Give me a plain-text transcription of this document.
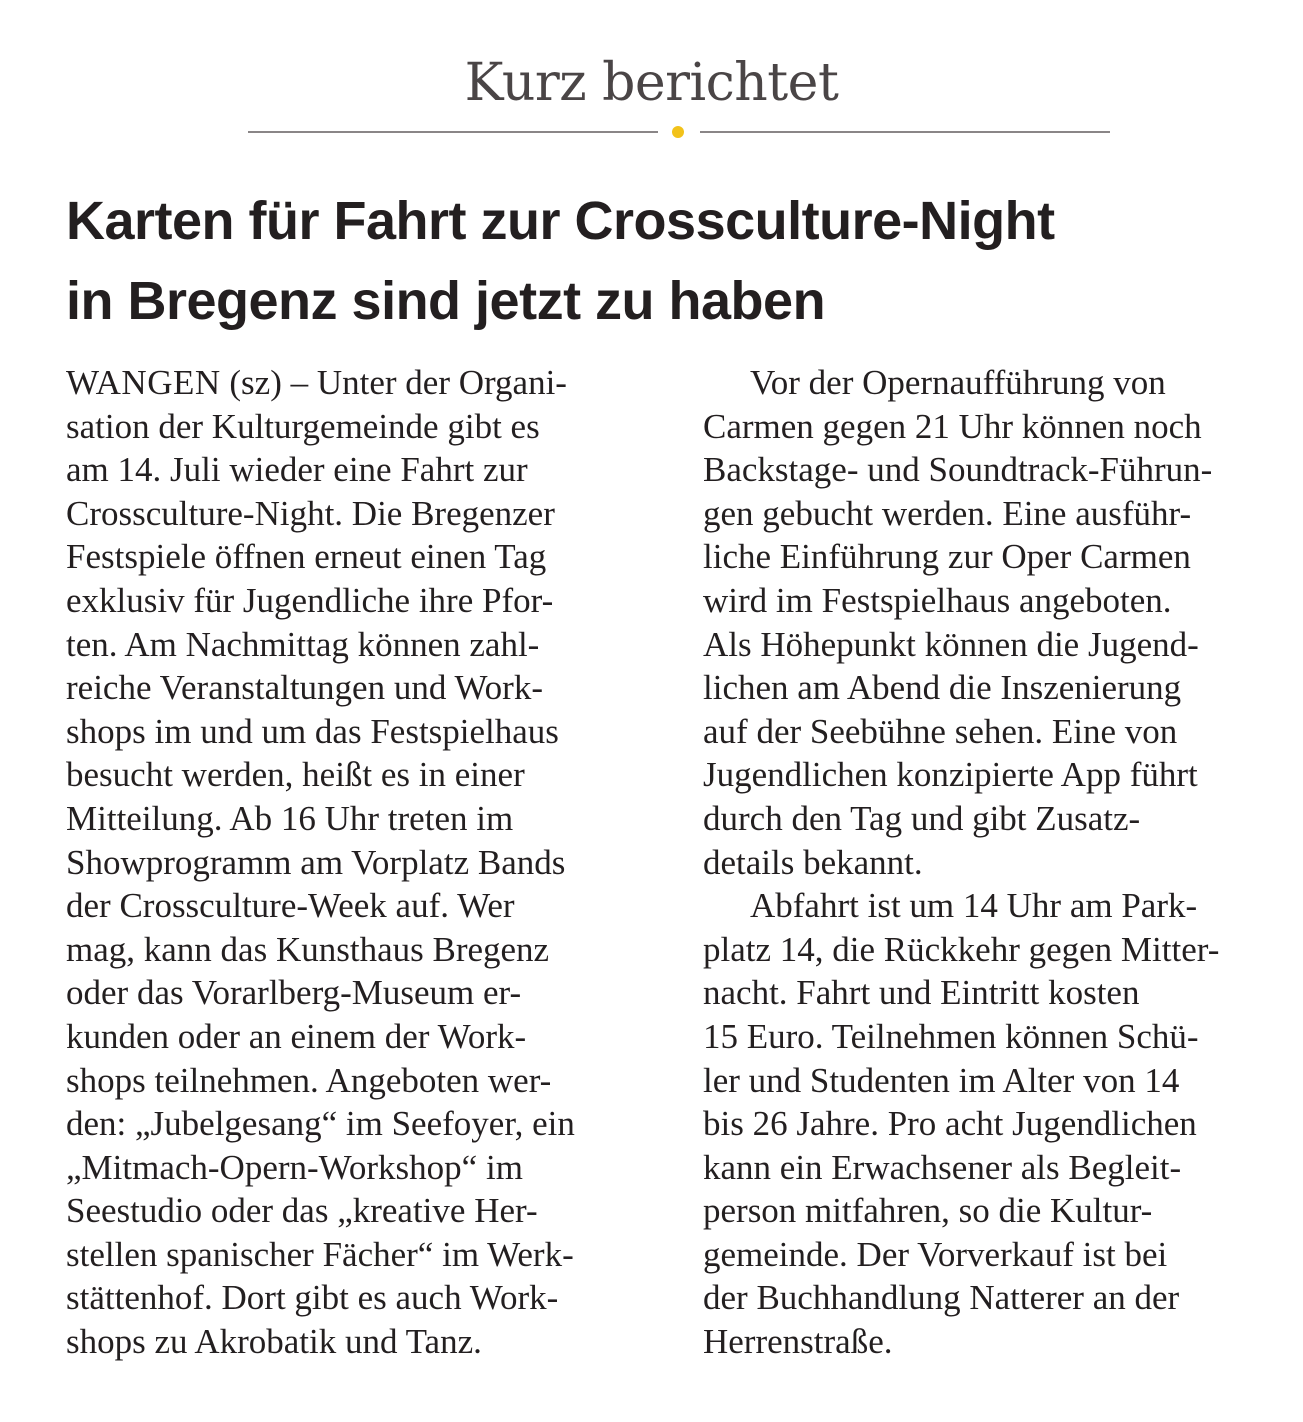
Kurz berichtet
Karten für Fahrt zur Crossculture-Night
in Bregenz sind jetzt zu haben
WANGEN (sz) – Unter der Organi-
sation der Kulturgemeinde gibt es
am 14. Juli wieder eine Fahrt zur
Crossculture-Night. Die Bregenzer
Festspiele öffnen erneut einen Tag
exklusiv für Jugendliche ihre Pfor-
ten. Am Nachmittag können zahl-
reiche Veranstaltungen und Work-
shops im und um das Festspielhaus
besucht werden, heißt es in einer
Mitteilung. Ab 16 Uhr treten im
Showprogramm am Vorplatz Bands
der Crossculture-Week auf. Wer
mag, kann das Kunsthaus Bregenz
oder das Vorarlberg-Museum er-
kunden oder an einem der Work-
shops teilnehmen. Angeboten wer-
den: „Jubelgesang“ im Seefoyer, ein
„Mitmach-Opern-Workshop“ im
Seestudio oder das „kreative Her-
stellen spanischer Fächer“ im Werk-
stättenhof. Dort gibt es auch Work-
shops zu Akrobatik und Tanz.
Vor der Opernaufführung von
Carmen gegen 21 Uhr können noch
Backstage- und Soundtrack-Führun-
gen gebucht werden. Eine ausführ-
liche Einführung zur Oper Carmen
wird im Festspielhaus angeboten.
Als Höhepunkt können die Jugend-
lichen am Abend die Inszenierung
auf der Seebühne sehen. Eine von
Jugendlichen konzipierte App führt
durch den Tag und gibt Zusatz-
details bekannt.
Abfahrt ist um 14 Uhr am Park-
platz 14, die Rückkehr gegen Mitter-
nacht. Fahrt und Eintritt kosten
15 Euro. Teilnehmen können Schü-
ler und Studenten im Alter von 14
bis 26 Jahre. Pro acht Jugendlichen
kann ein Erwachsener als Begleit-
person mitfahren, so die Kultur-
gemeinde. Der Vorverkauf ist bei
der Buchhandlung Natterer an der
Herrenstraße.
